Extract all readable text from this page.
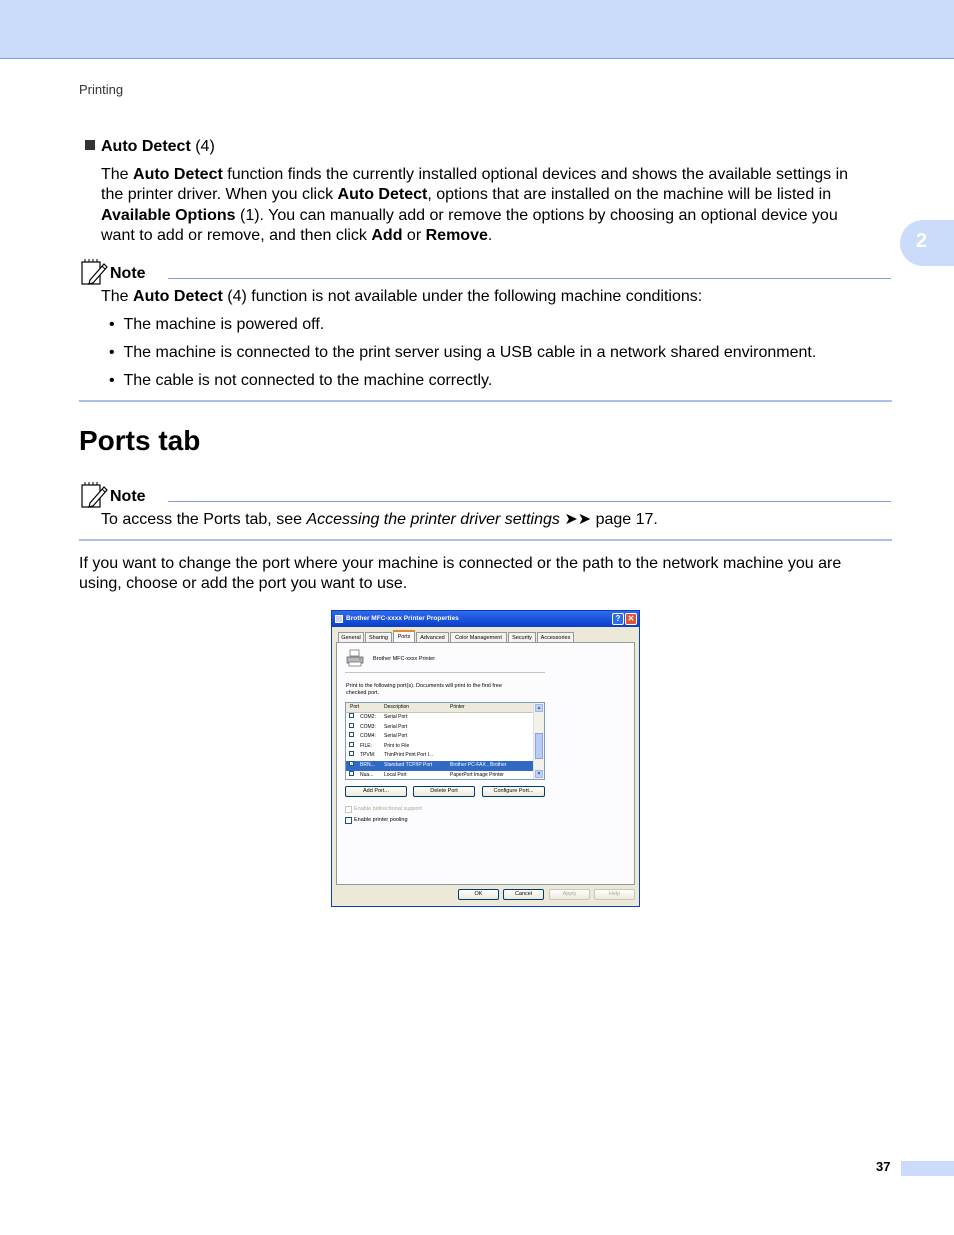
Printing
2
Auto Detect (4)
The Auto Detect function finds the currently installed optional devices and shows the available settings in
the printer driver. When you click Auto Detect, options that are installed on the machine will be listed in
Available Options (1). You can manually add or remove the options by choosing an optional device you
want to add or remove, and then click Add or Remove.
Note
The Auto Detect (4) function is not available under the following machine conditions:
•  The machine is powered off.
•  The machine is connected to the print server using a USB cable in a network shared environment.
•  The cable is not connected to the machine correctly.
Ports tab
Note
To access the Ports tab, see Accessing the printer driver settings ➤➤ page 17.
If you want to change the port where your machine is connected or the path to the network machine you are
using, choose or add the port you want to use.
Brother MFC-xxxx Printer Properties	? ✕
General	Sharing	Ports	Advanced	Color Management	Security	Accessories
Brother MFC-xxxx Printer
Print to the following port(s). Documents will print to the first free
checked port.
Port	Description	Printer
COM2: Serial Port
COM3: Serial Port
COM4: Serial Port
FILE: Print to File
TPVM: ThinPrint Print Port I...
✓ BRN... Standard TCP/IP Port	Brother PC-FAX , Brother
Nua... Local Port	PaperPort Image Printer
▲
▼
Add Port...	Delete Port	Configure Port...
Enable bidirectional support
Enable printer pooling
OK	Cancel	Apply	Help
37
